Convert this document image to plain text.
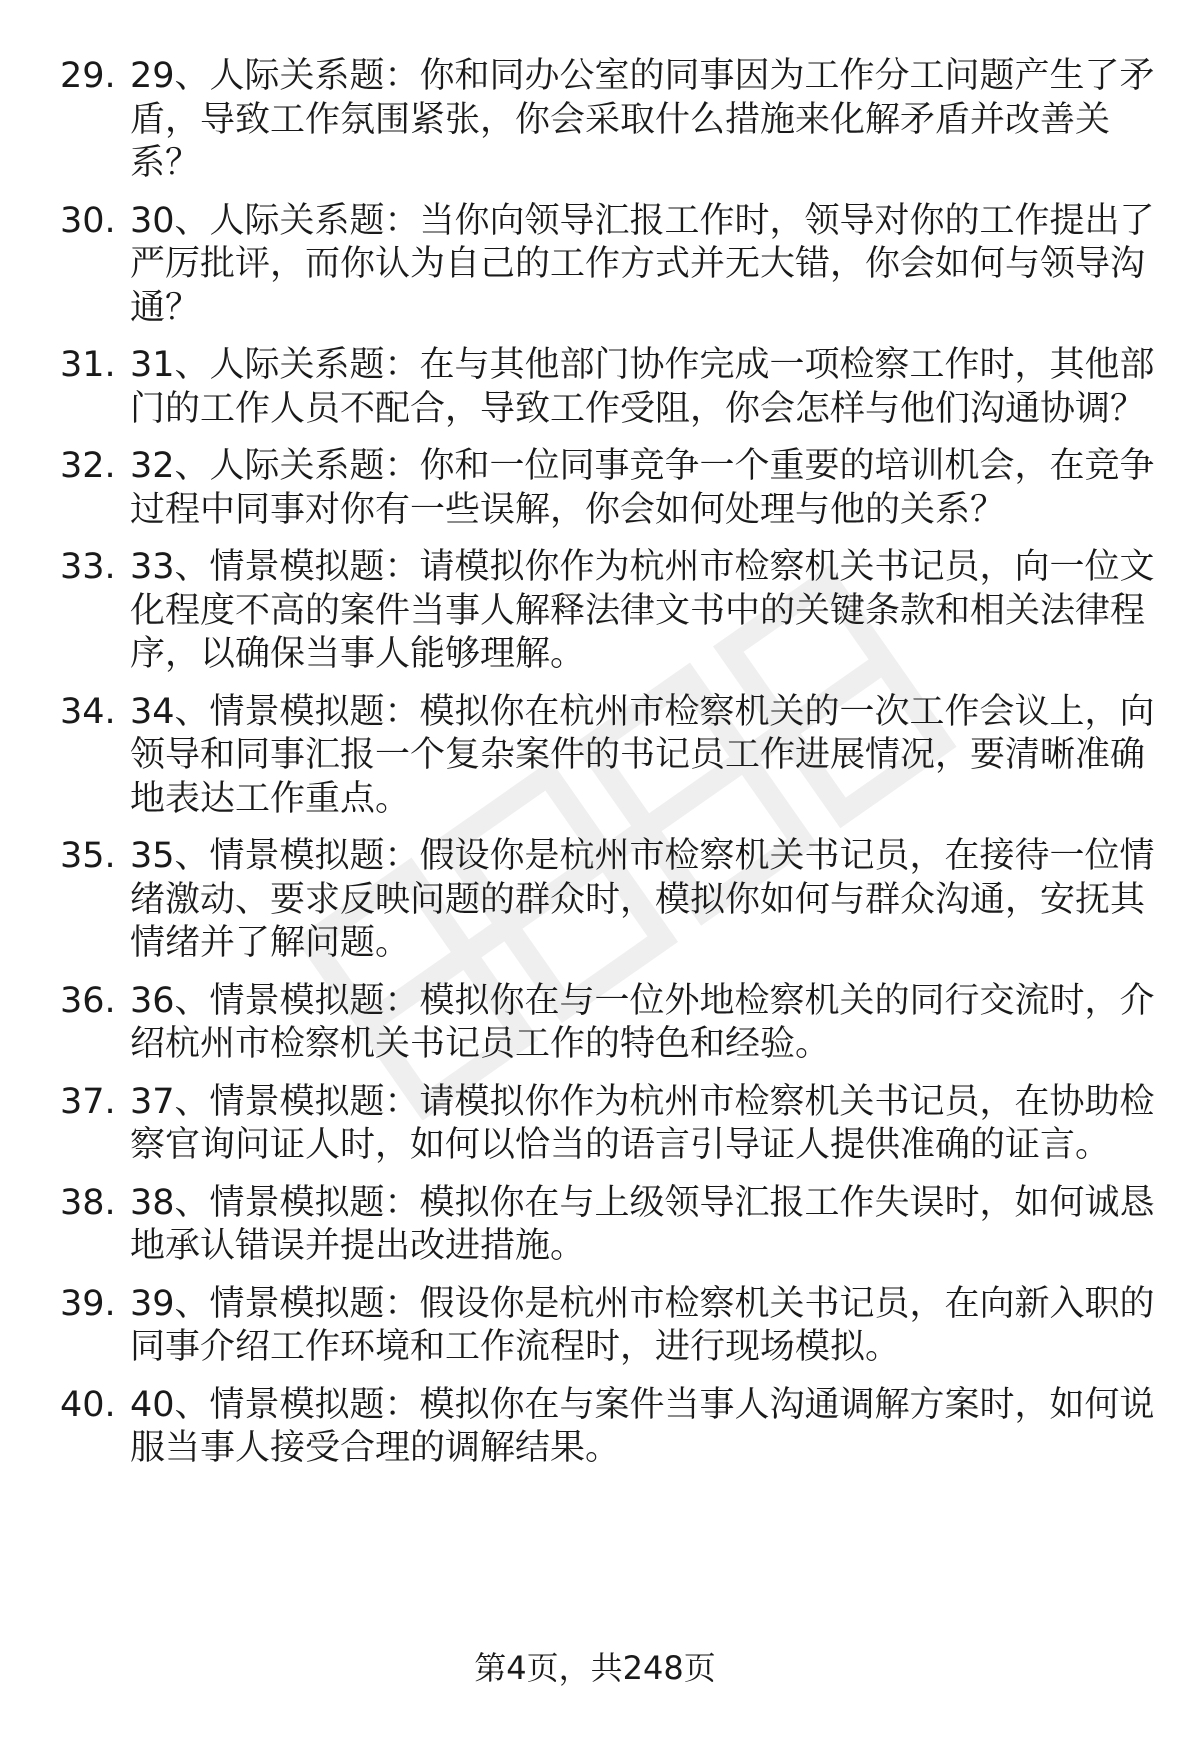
29. 29、人际关系题：你和同办公室的同事因为工作分工问题产生了矛盾，导致工作氛围紧张，你会采取什么措施来化解矛盾并改善关系？
30. 30、人际关系题：当你向领导汇报工作时，领导对你的工作提出了严厉批评，而你认为自己的工作方式并无大错，你会如何与领导沟通？
31. 31、人际关系题：在与其他部门协作完成一项检察工作时，其他部门的工作人员不配合，导致工作受阻，你会怎样与他们沟通协调？
32. 32、人际关系题：你和一位同事竞争一个重要的培训机会，在竞争过程中同事对你有一些误解，你会如何处理与他的关系？
33. 33、情景模拟题：请模拟你作为杭州市检察机关书记员，向一位文化程度不高的案件当事人解释法律文书中的关键条款和相关法律程序，以确保当事人能够理解。
34. 34、情景模拟题：模拟你在杭州市检察机关的一次工作会议上，向领导和同事汇报一个复杂案件的书记员工作进展情况，要清晰准确地表达工作重点。
35. 35、情景模拟题：假设你是杭州市检察机关书记员，在接待一位情绪激动、要求反映问题的群众时，模拟你如何与群众沟通，安抚其情绪并了解问题。
36. 36、情景模拟题：模拟你在与一位外地检察机关的同行交流时，介绍杭州市检察机关书记员工作的特色和经验。
37. 37、情景模拟题：请模拟你作为杭州市检察机关书记员，在协助检察官询问证人时，如何以恰当的语言引导证人提供准确的证言。
38. 38、情景模拟题：模拟你在与上级领导汇报工作失误时，如何诚恳地承认错误并提出改进措施。
39. 39、情景模拟题：假设你是杭州市检察机关书记员，在向新入职的同事介绍工作环境和工作流程时，进行现场模拟。
40. 40、情景模拟题：模拟你在与案件当事人沟通调解方案时，如何说服当事人接受合理的调解结果。
第4页，共248页
